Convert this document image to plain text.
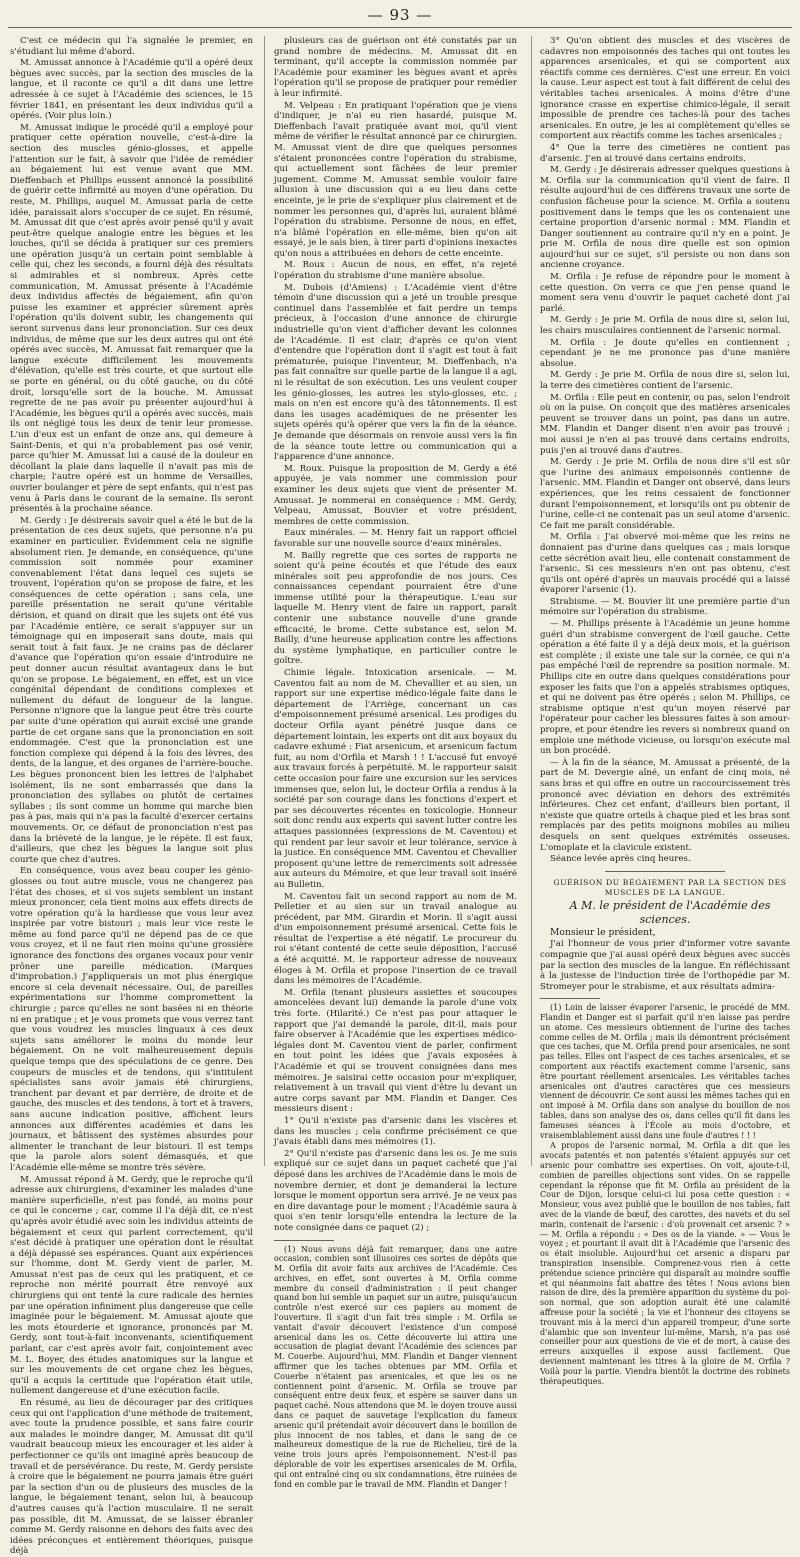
— 93 —

C'est ce médecin qui l'a signalée le premier, en s'étudiant lui même d'abord.

M. Amussat annonce à l'Académie qu'il a opéré deux bègues avec succès, par la section des muscles de la langue, et il raconte ce qu'il a dit dans une lettre adressée à ce sujet à l'Académie des sciences, le 15 février 1841, en présentant les deux individus qu'il a opérés. (Voir plus loin.)

M. Amussat indique le procédé qu'il a employé pour pratiquer cette opération nouvelle, c'est-à-dire la section des muscles génio-glosses, et appelle l'attention sur le fait, à savoir que l'idée de remédier au bégaiement lui est venue avant que MM. Dieffenbach et Phillips eussent annoncé la possibilité de guérir cette infirmité au moyen d'une opération. Du reste, M. Phillips, auquel M. Amussat parla de cette idée, paraissait alors s'occuper de ce sujet. En résumé, M. Amussat dit que c'est après avoir pensé qu'il y avait peut-être quelque analogie entre les bègues et les louches, qu'il se décida à pratiquer sur ces premiers une opération jusqu'à un certain point semblable à celle qui, chez les seconds, a fourni déjà des résultats si admirables et si nombreux. Après cette communication, M. Amussat présente à l'Académie deux individus affectés de bégaiement, afin qu'on puisse les examiner et apprécier sûrement après l'opération qu'ils doivent subir, les changements qui seront survenus dans leur prononciation. Sur ces deux individus, de même que sur les deux autres qui ont été opérés avec succès, M. Amussat fait remarquer que la langue exécute difficilement les mouvements d'élévation, qu'elle est très courte, et que surtout elle se porte en général, ou du côté gauche, ou du côté droit, lorsqu'elle sort de la bouche. M. Amussat regrette de ne pas avoir pu présenter aujourd'hui à l'Académie, les bègues qu'il a opérés avec succès, mais ils ont négligé tous les deux de tenir leur promesse. L'un d'eux est un enfant de onze ans, qui demeure à Saint-Denis, et qui n'a probablement pas osé venir, parce qu'hier M. Amussat lui a causé de la douleur en décollant la plaie dans laquelle il n'avait pas mis de charpie; l'autre opéré est un homme de Versailles, ouvrier boulanger et père de sept enfants, qui n'est pas venu à Paris dans le courant de la semaine. Ils seront présentés à la prochaine séance.

M. Gerdy : Je désirerais savoir quel a été le but de la présentation de ces deux sujets, que personne n'a pu examiner en particulier. Évidemment cela ne signifie absolument rien. Je demande, en conséquence, qu'une commission soit nommée pour examiner convenablement l'état dans lequel ces sujets se trouvent, l'opération qu'on se propose de faire, et les conséquences de cette opération ; sans cela, une pareille présentation ne serait qu'une véritable dérision, et quand on dirait que les sujets ont été vus par l'Académie entière, ce serait s'appuyer sur un témoignage qui en imposerait sans doute, mais qui serait tout à fait faux. Je ne crains pas de déclarer d'avance que l'opération qu'on essaie d'introduire ne peut donner aucun résultat avantageux dans le but qu'on se propose. Le bégaiement, en effet, est un vice congénital dépendant de conditions complexes et nullement du défaut de longueur de la langue. Personne n'ignore que la langue peut être très courte par suite d'une opération qui aurait excisé une grande partie de cet organe sans que la prononciation en soit endommagée. C'est que la prononciation est une fonction complexe qui dépend à la fois des lèvres, des dents, de la langue, et des organes de l'arrière-bouche. Les bègues prononcent bien les lettres de l'alphabet isolément, ils ne sont embarrassés que dans la prononciation des syllabes ou plutôt de certaines syllabes ; ils sont comme un homme qui marche bien pas à pas, mais qui n'a pas la faculté d'exercer certains mouvements. Or, ce défaut de prononciation n'est pas dans la brièveté de la langue, je le répète. Il est faux, d'ailleurs, que chez les bègues la langue soit plus courte que chez d'autres.

En conséquence, vous avez beau couper les génio-glosses ou tout autre muscle, vous ne changerez pas l'état des choses, et si vos sujets semblent un instant mieux prononcer, cela tient moins aux effets directs de votre opération qu'à la hardiesse que vous leur avez inspirée par votre bistouri ; mais leur vice reste le même au fond parce qu'il ne dépend pas de ce que vous croyez, et il ne faut rien moins qu'une grossière ignorance des fonctions des organes vocaux pour venir prôner une pareille médication. (Marques d'improbation.) J'appliquerais un mot plus énergique encore si cela devenait nécessaire. Oui, de pareilles expérimentations sur l'homme compromettent la chirurgie ; parce qu'elles ne sont basées ni en théorie ni en pratique ; et je vous promets que vous verrez tant que vous voudrez les muscles linguaux à ces deux sujets sans améliorer le moins du monde leur bégaiement. On ne voit malheureusement depuis quelque temps que des spéculations de ce genre. Des coupeurs de muscles et de tendons, qui s'intitulent spécialistes sans avoir jamais été chirurgiens, tranchent par devant et par derrière, de droite et de gauche, des muscles et des tendons, à tort et à travers, sans aucune indication positive, affichent leurs annonces aux différentes académies et dans les journaux, et bâtissent des systèmes absurdes pour alimenter le tranchant de leur bistouri. Il est temps que la parole alors soient démasqués, et que l'Académie elle-même se montre très sévère.

M. Amussat répond à M. Gerdy, que le reproche qu'il adresse aux chirurgiens, d'examiner les malades d'une manière superficielle, n'est pas fondé, au moins pour ce qui le concerne ; car, comme il l'a déjà dit, ce n'est qu'après avoir étudié avec soin les individus atteints de bégaiement et ceux qui parlent correctement, qu'il s'est décidé à pratiquer une opération dont le résultat a déjà dépassé ses espérances. Quant aux expériences sur l'homme, dont M. Gerdy vient de parler, M. Amussat n'est pas de ceux qui les pratiquent, et ce reproche non mérité pourrait être renvoyé aux chirurgiens qui ont tenté la cure radicale des hernies par une opération infiniment plus dangereuse que celle imaginée pour le bégaiement. M. Amussat ajoute que les mots étourderie et ignorance, prononcés par M. Gerdy, sont tout-à-fait inconvenants, scientifiquement parlant, car c'est après avoir fait, conjointement avec M. L. Boyer, des études anatomiques sur la langue et sur les mouvements de cet organe chez les bègues, qu'il a acquis la certitude que l'opération était utile, nullement dangereuse et d'une exécution facile.

En résumé, au lieu de décourager par des critiques ceux qui ont l'application d'une méthode de traitement, avec toute la prudence possible, et sans faire courir aux malades le moindre danger, M. Amussat dit qu'il vaudrait beaucoup mieux les encourager et les aider à perfectionner ce qu'ils ont imaginé après beaucoup de travail et de persévérance. Du reste, M. Gerdy persiste à croire que le bégaiement ne pourra jamais être guéri par la section d'un ou de plusieurs des muscles de la langue, le bégaiement tenant, selon lui, à beaucoup d'autres causes qu'à l'action musculaire. Il ne serait pas possible, dit M. Amussat, de se laisser ébranler comme M. Gerdy raisonne en dehors des faits avec des idées préconçues et entièrement théoriques, puisque déjà

plusieurs cas de guérison ont été constatés par un grand nombre de médecins. M. Amussat dit en terminant, qu'il accepte la commission nommée par l'Académie pour examiner les bègues avant et après l'opération qu'il se propose de pratiquer pour remédier à leur infirmité.

M. Velpeau : En pratiquant l'opération que je viens d'indiquer, je n'ai eu rien hasardé, puisque M. Dieffenbach l'avait pratiquée avant moi, qu'il vient même de vérifier le résultat annoncé par ce chirurgien. M. Amussat vient de dire que quelques personnes s'étaient prononcées contre l'opération du strabisme, qui actuellement sont fâchées de leur premier jugement. Comme M. Amussat semble vouloir faire allusion à une discussion qui a eu lieu dans cette enceinte, je le prie de s'expliquer plus clairement et de nommer les personnes qui, d'après lui, auraient blâmé l'opération du strabisme. Personne de nous, en effet, n'a blâmé l'opération en elle-même, bien qu'on ait essayé, je le sais bien, à tirer parti d'opinions inexactes qu'on nous a attribuées en dehors de cette enceinte.

M. Roux : Aucun de nous, en effet, n'a rejeté l'opération du strabisme d'une manière absolue.

M. Dubois (d'Amiens) : L'Académie vient d'être témoin d'une discussion qui a jeté un trouble presque continuel dans l'assemblée et fait perdre un temps précieux, à l'occasion d'une annonce de chirurgie industrielle qu'on vient d'afficher devant les colonnes de l'Académie. Il est clair, d'après ce qu'on vient d'entendre que l'opération dont il s'agit est tout à fait prématurée, puisque l'inventeur, M. Dieffenbach, n'a pas fait connaître sur quelle partie de la langue il a agi, ni le résultat de son exécution. Les uns veulent couper les génio-glosses, les autres les stylo-glosses, etc. ; mais on n'en est encore qu'à des tâtonnements. Il est dans les usages académiques de ne présenter les sujets opérés qu'à opérer que vers la fin de la séance. Je demande que désormais on renvoie aussi vers la fin de la séance toute lettre ou communication qui a l'apparence d'une annonce.

M. Roux. Puisque la proposition de M. Gerdy a été appuyée, je vais nommer une commission pour examiner les deux sujets que vient de présenter M. Amussat. Je nommerai en conséquence : MM. Gerdy, Velpeau, Amussat, Bouvier et votre président, membres de cette commission.

Eaux minérales. — M. Henry fait un rapport officiel favorable sur une nouvelle source d'eaux minérales.

M. Bailly regrette que ces sortes de rapports ne soient qu'à peine écoutés et que l'étude des eaux minérales soit peu approfondie de nos jours. Ces connaissances cependant pourraient être d'une immense utilité pour la thérapeutique. L'eau sur laquelle M. Henry vient de faire un rapport, paraît contenir une substance nouvelle d'une grande efficacité, le brome. Cette substance est, selon M. Bailly, d'une heureuse application contre les affections du système lymphatique, en particulier contre le goître.

Chimie légale. Intoxication arsenicale. — M. Caventou fait au nom de M. Chevallier et au sien, un rapport sur une expertise médico-légale faite dans le département de l'Arriège, concernant un cas d'empoisonnement présumé arsenical. Les prodiges du docteur Orfila ayant pénétré jusque dans ce département lointain, les experts ont dit aux boyaux du cadavre exhumé : Fiat arsenicum, et arsenicum factum fuit, au nom d'Orfila et Marsh ! ! L'accusé fut envoyé aux travaux forcés à perpétuité. M. le rapporteur saisit cette occasion pour faire une excursion sur les services immenses que, selon lui, le docteur Orfila a rendus à la société par son courage dans les fonctions d'expert et par ses découvertes récentes en toxicologie. Honneur soit donc rendu aux experts qui savent lutter contre les attaques passionnées (expressions de M. Caventou) et qui rendent par leur savoir et leur tolérance, service à la justice. En conséquence MM. Caventou et Chevallier proposent qu'une lettre de remerciments soit adressée aux auteurs du Mémoire, et que leur travail soit inséré au Bulletin.

M. Caventou fait un second rapport au nom de M. Pelletier et au sien sur un travail analogue au précédent, par MM. Girardin et Morin. Il s'agit aussi d'un empoisonnement présumé arsenical. Cette fois le résultat de l'expertise a été négatif. Le procureur du roi s'étant contenté de cette seule déposition, l'accusé a été acquitté. M. le rapporteur adresse de nouveaux éloges à M. Orfila et propose l'insertion de ce travail dans les mémoires de l'Académie.

M. Orfila (tenant plusieurs assiettes et soucoupes amoncelées devant lui) demande la parole d'une voix très forte. (Hilarité.) Ce n'est pas pour attaquer le rapport que j'ai demandé la parole, dit-il, mais pour faire observer à l'Académie que les expertises médico-légales dont M. Caventou vient de parler, confirment en tout point les idées que j'avais exposées à l'Académie et qui se trouvent consignées dans mes mémoires. Je saisirai cette occasion pour m'expliquer, relativement à un travail qui vient d'être lu devant un autre corps savant par MM. Flandin et Danger. Ces messieurs disent :

1° Qu'il n'existe pas d'arsenic dans les viscères et dans les muscles ; cela confirme précisément ce que j'avais établi dans mes mémoires (1).

2° Qu'il n'existe pas d'arsenic dans les os. Je me suis expliqué sur ce sujet dans un paquet cacheté que j'ai déposé dans les archives de l'Académie dans le mois de novembre dernier, et dont je demanderai la lecture lorsque le moment opportun sera arrivé. Je ne veux pas en dire davantage pour le moment ; l'Académie saura à quoi s'en tenir lorsqu'elle entendra la lecture de la note consignée dans ce paquet (2) ;

(1) Nous avons déjà fait remarquer, dans une autre occasion, combien sont illusoires ces sortes de dépôts que M. Orfila dit avoir faits aux archives de l'Académie. Ces archives, en effet, sont ouvertes à M. Orfila comme membre du conseil d'administration : il peut changer quand bon lui semble un paquet sur un autre, puisqu'aucun contrôle n'est exercé sur ces papiers au moment de l'ouverture. Il s'agit d'un fait très simple : M. Orfila se vantait d'avoir découvert l'existence d'un composé arsenical dans les os. Cette découverte lui attira une accusation de plagiat devant l'Académie des sciences par M. Couerbe. Aujourd'hui, MM. Flandin et Danger viennent affirmer que les taches obtenues par MM. Orfila et Couerbe n'étaient pas arsenicales, et que les os ne contiennent point d'arsenic. M. Orfila se trouve par conséquent entre deux feux, et espère se sauver dans un paquet caché. Nous attendons que M. le doyen trouve aussi dans ce paquet de sauvetage l'explication du fameux arsenic qu'il prétendait avoir découvert dans le bouillon de plus innocent de nos tables, et dans le sang de ce malheureux domestique de la rue de Richelieu, tiré de la veine trois jours après l'empoisonnement. N'est-il pas déplorable de voir les expertises arsenicales de M. Orfila, qui ont entraîné cinq ou six condamnations, être ruinées de fond en comble par le travail de MM. Flandin et Danger !

3° Qu'on obtient des muscles et des viscères de cadavres non empoisonnés des taches qui ont toutes les apparences arsenicales, et qui se comportent aux réactifs comme ces dernières. C'est une erreur. En voici la cause. Leur aspect est tout à fait différent de celui des véritables taches arsenicales. À moins d'être d'une ignorance crasse en expertise chimico-légale, il serait impossible de prendre ces taches-là pour des taches arsenicales. En outre, je les ai complètement qu'elles se comportent aux réactifs comme les taches arsenicales ;

4° Que la terre des cimetières ne contient pas d'arsenic. J'en ai trouvé dans certains endroits.

M. Gerdy : Je désirerais adresser quelques questions à M. Orfila sur la communication qu'il vient de faire. Il résulte aujourd'hui de ces différens travaux une sorte de confusion fâcheuse pour la science. M. Orfila a soutenu positivement dans le temps que les os contenaient une certaine proportion d'arsenic normal : MM. Flandin et Danger soutiennent au contraire qu'il n'y en a point. Je prie M. Orfila de nous dire quelle est son opinion aujourd'hui sur ce sujet, s'il persiste ou non dans son ancienne croyance.

M. Orfila : Je refuse de répondre pour le moment à cette question. On verra ce que j'en pense quand le moment sera venu d'ouvrir le paquet cacheté dont j'ai parlé.

M. Gerdy : Je prie M. Orfila de nous dire si, selon lui, les chairs musculaires contiennent de l'arsenic normal.

M. Orfila : Je doute qu'elles en contiennent ; cependant je ne me prononce pas d'une manière absolue.

M. Gerdy : Je prie M. Orfila de nous dire si, selon lui, la terre des cimetières contient de l'arsenic.

M. Orfila : Elle peut en contenir, ou pas, selon l'endroit où on la puise. On conçoit que des matières arsenicales peuvent se trouver dans un point, pas dans un autre. MM. Flandin et Danger disent n'en avoir pas trouvé ; moi aussi je n'en ai pas trouvé dans certains endroits, puis j'en ai trouvé dans d'autres.

M. Gerdy : Je prie M. Orfila de nous dire s'il est sûr que l'urine des animaux empoisonnés contienne de l'arsenic. MM. Flandin et Danger ont observé, dans leurs expériences, que les reins cessaient de fonctionner durant l'empoisonnement, et lorsqu'ils ont pu obtenir de l'urine, celle-ci ne contenait pas un seul atome d'arsenic. Ce fait me paraît considérable.

M. Orfila : J'ai observé moi-même que les reins ne donnaient pas d'urine dans quelques cas ; mais lorsque cette sécrétion avait lieu, elle contenait constamment de l'arsenic. Si ces messieurs n'en ont pas obtenu, c'est qu'ils ont opéré d'après un mauvais procédé qui a laissé évaporer l'arsenic (1).

Strabisme. — M. Bouvier lit une première partie d'un mémoire sur l'opération du strabisme.

— M. Phillips présente à l'Académie un jeune homme guéri d'un strabisme convergent de l'œil gauche. Cette opération a été faite il y a déjà deux mois, et la guérison est complète ; il existe une tale sur la cornée, ce qui n'a pas empêché l'œil de reprendre sa position normale. M. Phillips cite en outre dans quelques considérations pour exposer les faits que l'on a appelés strabismes optiques, et qui ne doivent pas être opérés ; selon M. Phillips, ce strabisme optique n'est qu'un moyen réservé par l'opérateur pour cacher les blessures faites à son amour-propre, et pour étendre les revers si nombreux quand on emploie une méthode vicieuse, ou lorsqu'on exécute mal un bon procédé.

— À la fin de la séance, M. Amussat a présenté, de la part de M. Devergie aîné, un enfant de cinq mois, né sans bras et qui offre en outre un raccourcissement très prononcé avec déviation en dehors des extrémités inférieures. Chez cet enfant, d'ailleurs bien portant, il n'existe que quatre orteils à chaque pied et les bras sont remplacés par des petits moignons mobiles au milieu desquels on sent quelques extrémités osseuses. L'omoplate et la clavicule existent.

Séance levée après cinq heures.

GUÉRISON DU BÉGAIEMENT PAR LA SECTION DES MUSCLES DE LA LANGUE.

A M. le président de l'Académie des sciences.

Monsieur le président,

J'ai l'honneur de vous prier d'informer votre savante compagnie que j'ai aussi opéré deux bègues avec succès par la section des muscles de la langue. En réfléchissant à la justesse de l'induction tirée de l'orthopédie par M. Stromeyer pour le strabisme, et aux résultats admira-

(1) Loin de laisser évaporer l'arsenic, le procédé de MM. Flandin et Danger est si parfait qu'il n'en laisse pas perdre un atome. Ces messieurs obtiennent de l'urine des taches comme celles de M. Orfila ; mais ils démontrent précisément que ces taches, que M. Orfila prend pour arsenicales, ne sont pas telles. Elles ont l'aspect de ces taches arsenicales, et se comportent aux réactifs exactement comme l'arsenic, sans être pourtant réellement arsenicales. Les véritables taches arsenicales ont d'autres caractères que ces messieurs viennent de découvrir. Ce sont aussi les mêmes taches qui en ont imposé à M. Orfila dans son analyse du bouillon de nos tables, dans son analyse des os, dans celles qu'il fit dans les fameuses séances à l'École au mois d'octobre, et vraisemblablement aussi dans une foule d'autres ! ! !

A propos de l'arsenic normal, M. Orfila a dit que les avocats patentés et non patentés s'étaient appuyés sur cet arsenic pour combattre ses expertises. On voit, ajoute-t-il, combien de pareilles objections sont vides. On se rappelle cependant la réponse que fit M. Orfila au président de la Cour de Dijon, lorsque celui-ci lui posa cette question : « Monsieur, vous avez publié que le bouillon de nos tables, fait avec de la viande de bœuf, des carottes, des navets et du sel marin, contenait de l'arsenic : d'où provenait cet arsenic ? » — M. Orfila a répondu : « Des os de la viande. » — Vous le voyez ; et pourtant il avait dit à l'Académie que l'arsenic des os était insoluble. Aujourd'hui cet arsenic a disparu par transpiration insensible. Comprenez-vous rien à cette prétendue science princière qui disparaît au moindre souffle et qui néanmoins fait abattre des têtes ! Nous avions bien raison de dire, dès la première apparition du système du poi-son normal, que son adoption aurait été une calamité affreuse pour la société ; la vie et l'honneur des citoyens se trouvant mis à la merci d'un appareil trompeur, d'une sorte d'alambic que son inventeur lui-même, Marsh, n'a pas osé conseiller pour aux questions de vie et de mort, à cause des erreurs auxquelles il expose aussi facilement. Que deviennent maintenant les titres à la gloire de M. Orfila ? Voilà pour la partie. Viendra bientôt la doctrine des robinets thérapeutiques.
